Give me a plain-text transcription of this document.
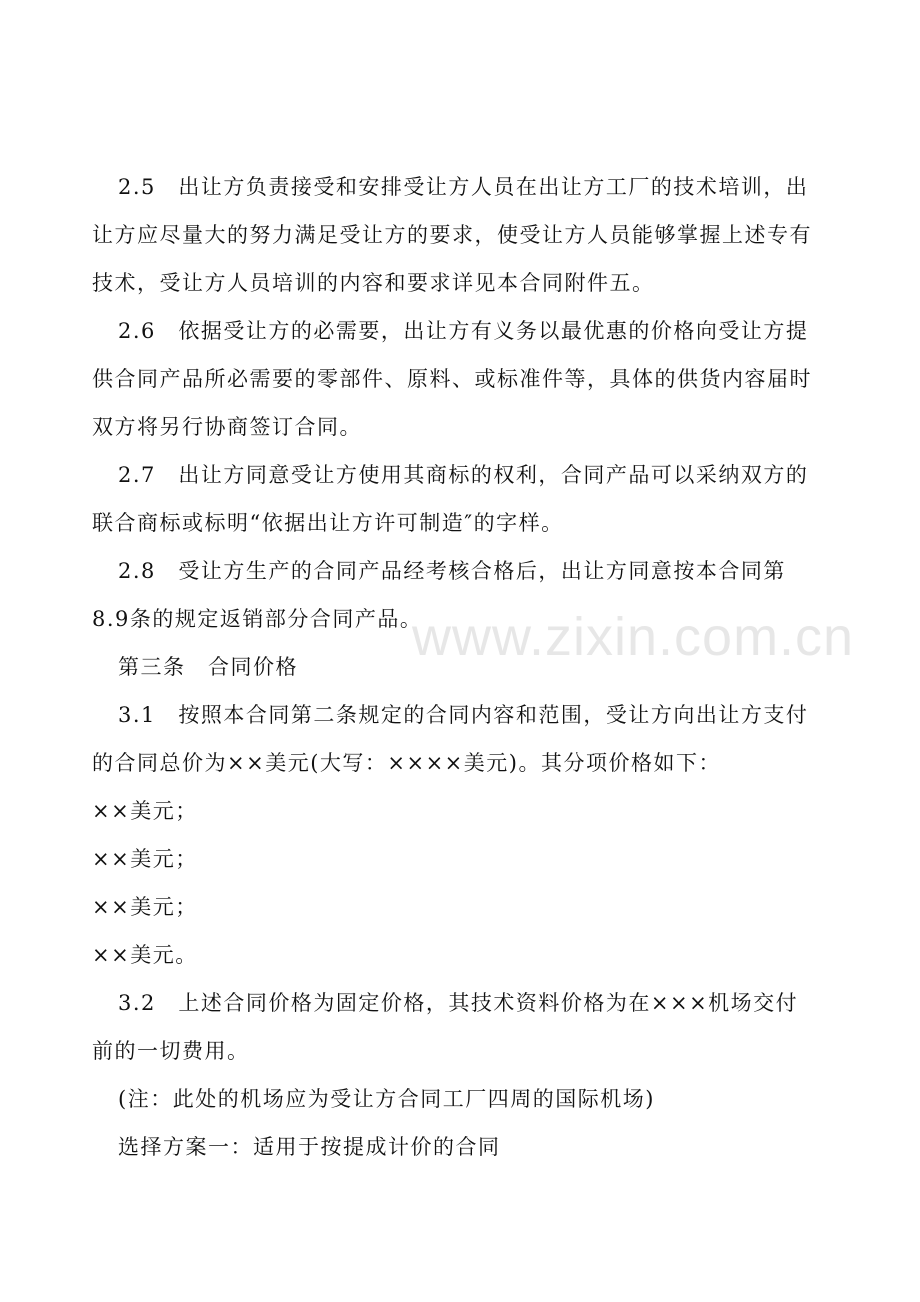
2.5　出让方负责接受和安排受让方人员在出让方工厂的技术培训，出
让方应尽量大的努力满足受让方的要求，使受让方人员能够掌握上述专有
技术，受让方人员培训的内容和要求详见本合同附件五。
2.6　依据受让方的必需要，出让方有义务以最优惠的价格向受让方提
供合同产品所必需要的零部件、原料、或标准件等，具体的供货内容届时
双方将另行协商签订合同。
2.7　出让方同意受让方使用其商标的权利，合同产品可以采纳双方的
联合商标或标明“依据出让方许可制造″的字样。
2.8　受让方生产的合同产品经考核合格后，出让方同意按本合同第
8.9条的规定返销部分合同产品。
第三条　合同价格
3.1　按照本合同第二条规定的合同内容和范围，受让方向出让方支付
的合同总价为××美元(大写：××××美元)。其分项价格如下：
××美元；
××美元；
××美元；
××美元。
3.2　上述合同价格为固定价格，其技术资料价格为在×××机场交付
前的一切费用。
(注：此处的机场应为受让方合同工厂四周的国际机场)
选择方案一：适用于按提成计价的合同
www.zixin.com.cn
